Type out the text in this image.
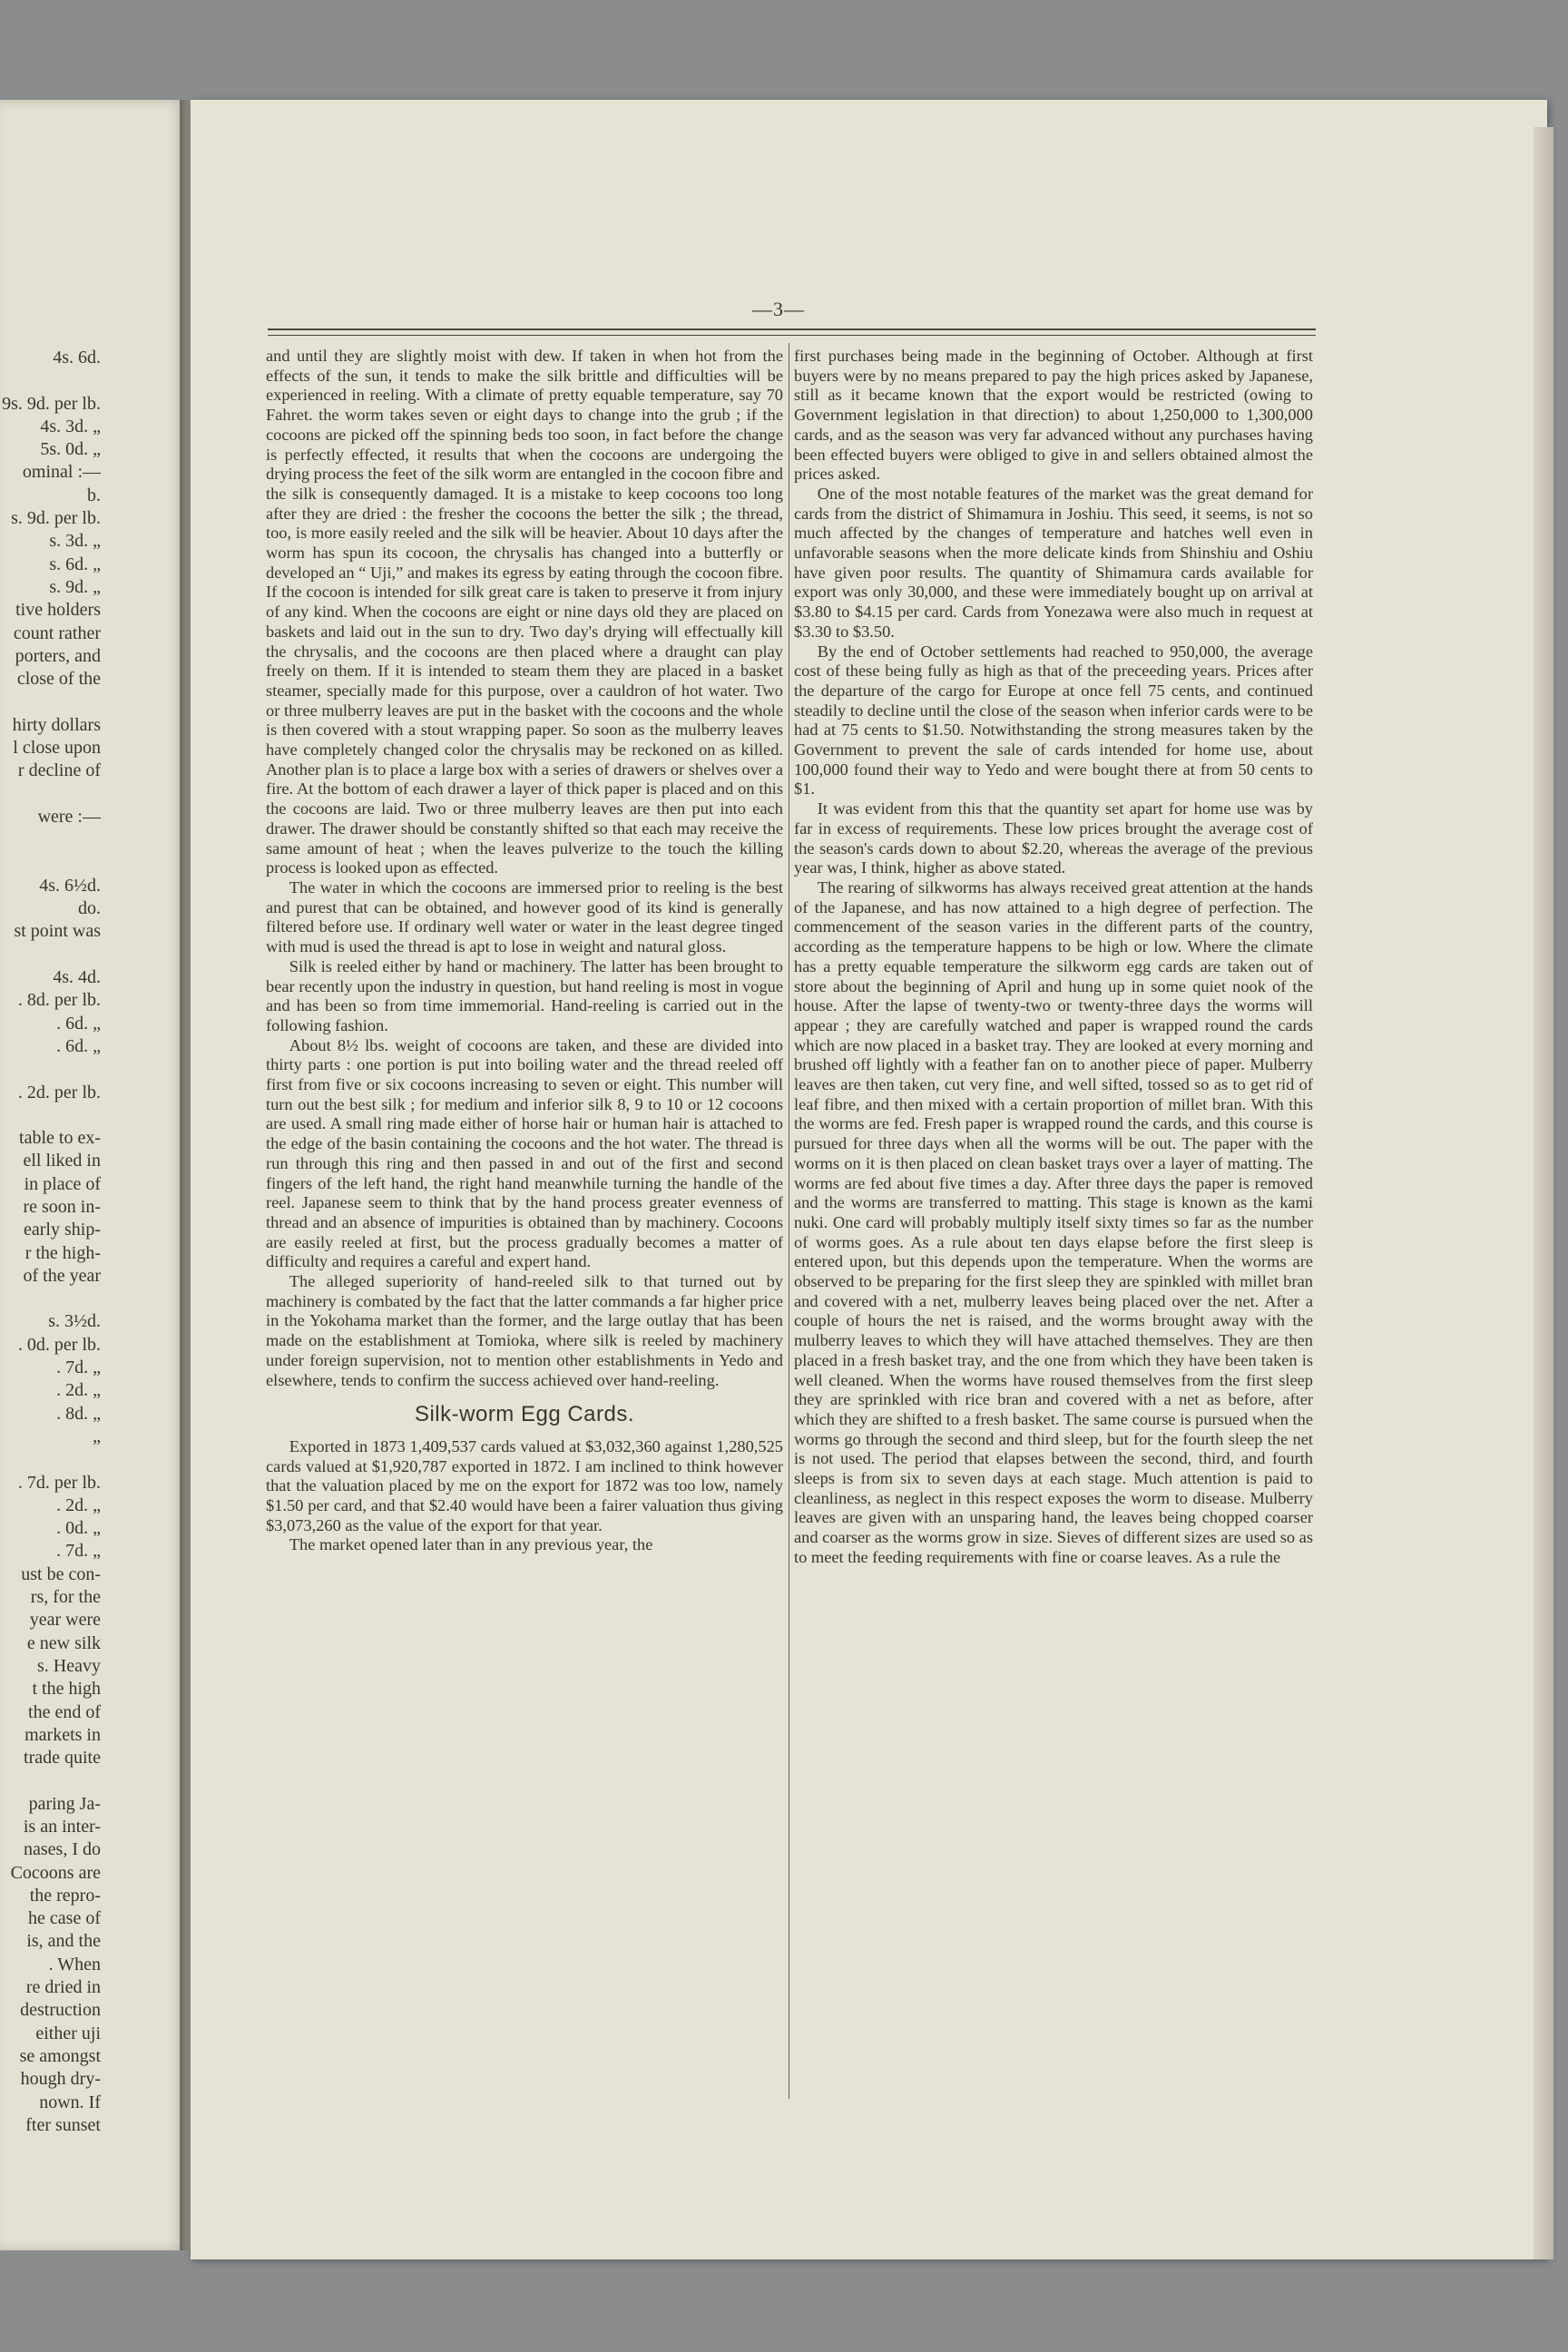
4s. 6d.
9s. 9d. per lb.
4s. 3d. „
5s. 0d. „
ominal :—
b.
s. 9d. per lb.
s. 3d. „
s. 6d. „
s. 9d. „
tive holders
count rather
porters, and
close of the
hirty dollars
l close upon
r decline of
were :—
4s. 6½d.
do.
st point was
4s. 4d.
. 8d. per lb.
. 6d. „
. 6d. „
. 2d. per lb.
table to ex-
ell liked in
in place of
re soon in-
early ship-
r the high-
of the year
s. 3½d.
. 0d. per lb.
. 7d. „
. 2d. „
. 8d. „
„
. 7d. per lb.
. 2d. „
. 0d. „
. 7d. „
ust be con-
rs, for the
year were
e new silk
s. Heavy
t the high
the end of
markets in
trade quite
paring Ja-
is an inter-
nases, I do
Cocoons are
the repro-
he case of
is, and the
. When
re dried in
destruction
either uji
se amongst
hough dry-
nown. If
fter sunset
—3—

and until they are slightly moist with dew. If taken in when hot from the effects of the sun, it tends to make the silk brittle and difficulties will be experienced in reeling. With a climate of pretty equable temperature, say 70 Fahret. the worm takes seven or eight days to change into the grub ; if the cocoons are picked off the spinning beds too soon, in fact before the change is perfectly effected, it results that when the cocoons are undergoing the drying process the feet of the silk worm are entangled in the cocoon fibre and the silk is consequently damaged. It is a mistake to keep cocoons too long after they are dried : the fresher the cocoons the better the silk ; the thread, too, is more easily reeled and the silk will be heavier. About 10 days after the worm has spun its cocoon, the chrysalis has changed into a butterfly or developed an “ Uji,” and makes its egress by eating through the cocoon fibre. If the cocoon is intended for silk great care is taken to preserve it from injury of any kind. When the cocoons are eight or nine days old they are placed on baskets and laid out in the sun to dry. Two day's drying will effectually kill the chrysalis, and the cocoons are then placed where a draught can play freely on them. If it is intended to steam them they are placed in a basket steamer, specially made for this purpose, over a cauldron of hot water. Two or three mulberry leaves are put in the basket with the cocoons and the whole is then covered with a stout wrapping paper. So soon as the mulberry leaves have completely changed color the chrysalis may be reckoned on as killed. Another plan is to place a large box with a series of drawers or shelves over a fire. At the bottom of each drawer a layer of thick paper is placed and on this the cocoons are laid. Two or three mulberry leaves are then put into each drawer. The drawer should be constantly shifted so that each may receive the same amount of heat ; when the leaves pulverize to the touch the killing process is looked upon as effected.

The water in which the cocoons are immersed prior to reeling is the best and purest that can be obtained, and however good of its kind is generally filtered before use. If ordinary well water or water in the least degree tinged with mud is used the thread is apt to lose in weight and natural gloss.

Silk is reeled either by hand or machinery. The latter has been brought to bear recently upon the industry in question, but hand reeling is most in vogue and has been so from time immemorial. Hand-reeling is carried out in the following fashion.

About 8½ lbs. weight of cocoons are taken, and these are divided into thirty parts : one portion is put into boiling water and the thread reeled off first from five or six cocoons increasing to seven or eight. This number will turn out the best silk ; for medium and inferior silk 8, 9 to 10 or 12 cocoons are used. A small ring made either of horse hair or human hair is attached to the edge of the basin containing the cocoons and the hot water. The thread is run through this ring and then passed in and out of the first and second fingers of the left hand, the right hand meanwhile turning the handle of the reel. Japanese seem to think that by the hand process greater evenness of thread and an absence of impurities is obtained than by machinery. Cocoons are easily reeled at first, but the process gradually becomes a matter of difficulty and requires a careful and expert hand.

The alleged superiority of hand-reeled silk to that turned out by machinery is combated by the fact that the latter commands a far higher price in the Yokohama market than the former, and the large outlay that has been made on the establishment at Tomioka, where silk is reeled by machinery under foreign supervision, not to mention other establishments in Yedo and elsewhere, tends to confirm the success achieved over hand-reeling.

Silk-worm Egg Cards.

Exported in 1873 1,409,537 cards valued at $3,032,360 against 1,280,525 cards valued at $1,920,787 exported in 1872. I am inclined to think however that the valuation placed by me on the export for 1872 was too low, namely $1.50 per card, and that $2.40 would have been a fairer valuation thus giving $3,073,260 as the value of the export for that year.

The market opened later than in any previous year, the

first purchases being made in the beginning of October. Although at first buyers were by no means prepared to pay the high prices asked by Japanese, still as it became known that the export would be restricted (owing to Government legislation in that direction) to about 1,250,000 to 1,300,000 cards, and as the season was very far advanced without any purchases having been effected buyers were obliged to give in and sellers obtained almost the prices asked.

One of the most notable features of the market was the great demand for cards from the district of Shimamura in Joshiu. This seed, it seems, is not so much affected by the changes of temperature and hatches well even in unfavorable seasons when the more delicate kinds from Shinshiu and Oshiu have given poor results. The quantity of Shimamura cards available for export was only 30,000, and these were immediately bought up on arrival at $3.80 to $4.15 per card. Cards from Yonezawa were also much in request at $3.30 to $3.50.

By the end of October settlements had reached to 950,000, the average cost of these being fully as high as that of the preceeding years. Prices after the departure of the cargo for Europe at once fell 75 cents, and continued steadily to decline until the close of the season when inferior cards were to be had at 75 cents to $1.50. Notwithstanding the strong measures taken by the Government to prevent the sale of cards intended for home use, about 100,000 found their way to Yedo and were bought there at from 50 cents to $1.

It was evident from this that the quantity set apart for home use was by far in excess of requirements. These low prices brought the average cost of the season's cards down to about $2.20, whereas the average of the previous year was, I think, higher as above stated.

The rearing of silkworms has always received great attention at the hands of the Japanese, and has now attained to a high degree of perfection. The commencement of the season varies in the different parts of the country, according as the temperature happens to be high or low. Where the climate has a pretty equable temperature the silkworm egg cards are taken out of store about the beginning of April and hung up in some quiet nook of the house. After the lapse of twenty-two or twenty-three days the worms will appear ; they are carefully watched and paper is wrapped round the cards which are now placed in a basket tray. They are looked at every morning and brushed off lightly with a feather fan on to another piece of paper. Mulberry leaves are then taken, cut very fine, and well sifted, tossed so as to get rid of leaf fibre, and then mixed with a certain proportion of millet bran. With this the worms are fed. Fresh paper is wrapped round the cards, and this course is pursued for three days when all the worms will be out. The paper with the worms on it is then placed on clean basket trays over a layer of matting. The worms are fed about five times a day. After three days the paper is removed and the worms are transferred to matting. This stage is known as the kami nuki. One card will probably multiply itself sixty times so far as the number of worms goes. As a rule about ten days elapse before the first sleep is entered upon, but this depends upon the temperature. When the worms are observed to be preparing for the first sleep they are spinkled with millet bran and covered with a net, mulberry leaves being placed over the net. After a couple of hours the net is raised, and the worms brought away with the mulberry leaves to which they will have attached themselves. They are then placed in a fresh basket tray, and the one from which they have been taken is well cleaned. When the worms have roused themselves from the first sleep they are sprinkled with rice bran and covered with a net as before, after which they are shifted to a fresh basket. The same course is pursued when the worms go through the second and third sleep, but for the fourth sleep the net is not used. The period that elapses between the second, third, and fourth sleeps is from six to seven days at each stage. Much attention is paid to cleanliness, as neglect in this respect exposes the worm to disease. Mulberry leaves are given with an unsparing hand, the leaves being chopped coarser and coarser as the worms grow in size. Sieves of different sizes are used so as to meet the feeding requirements with fine or coarse leaves. As a rule the
